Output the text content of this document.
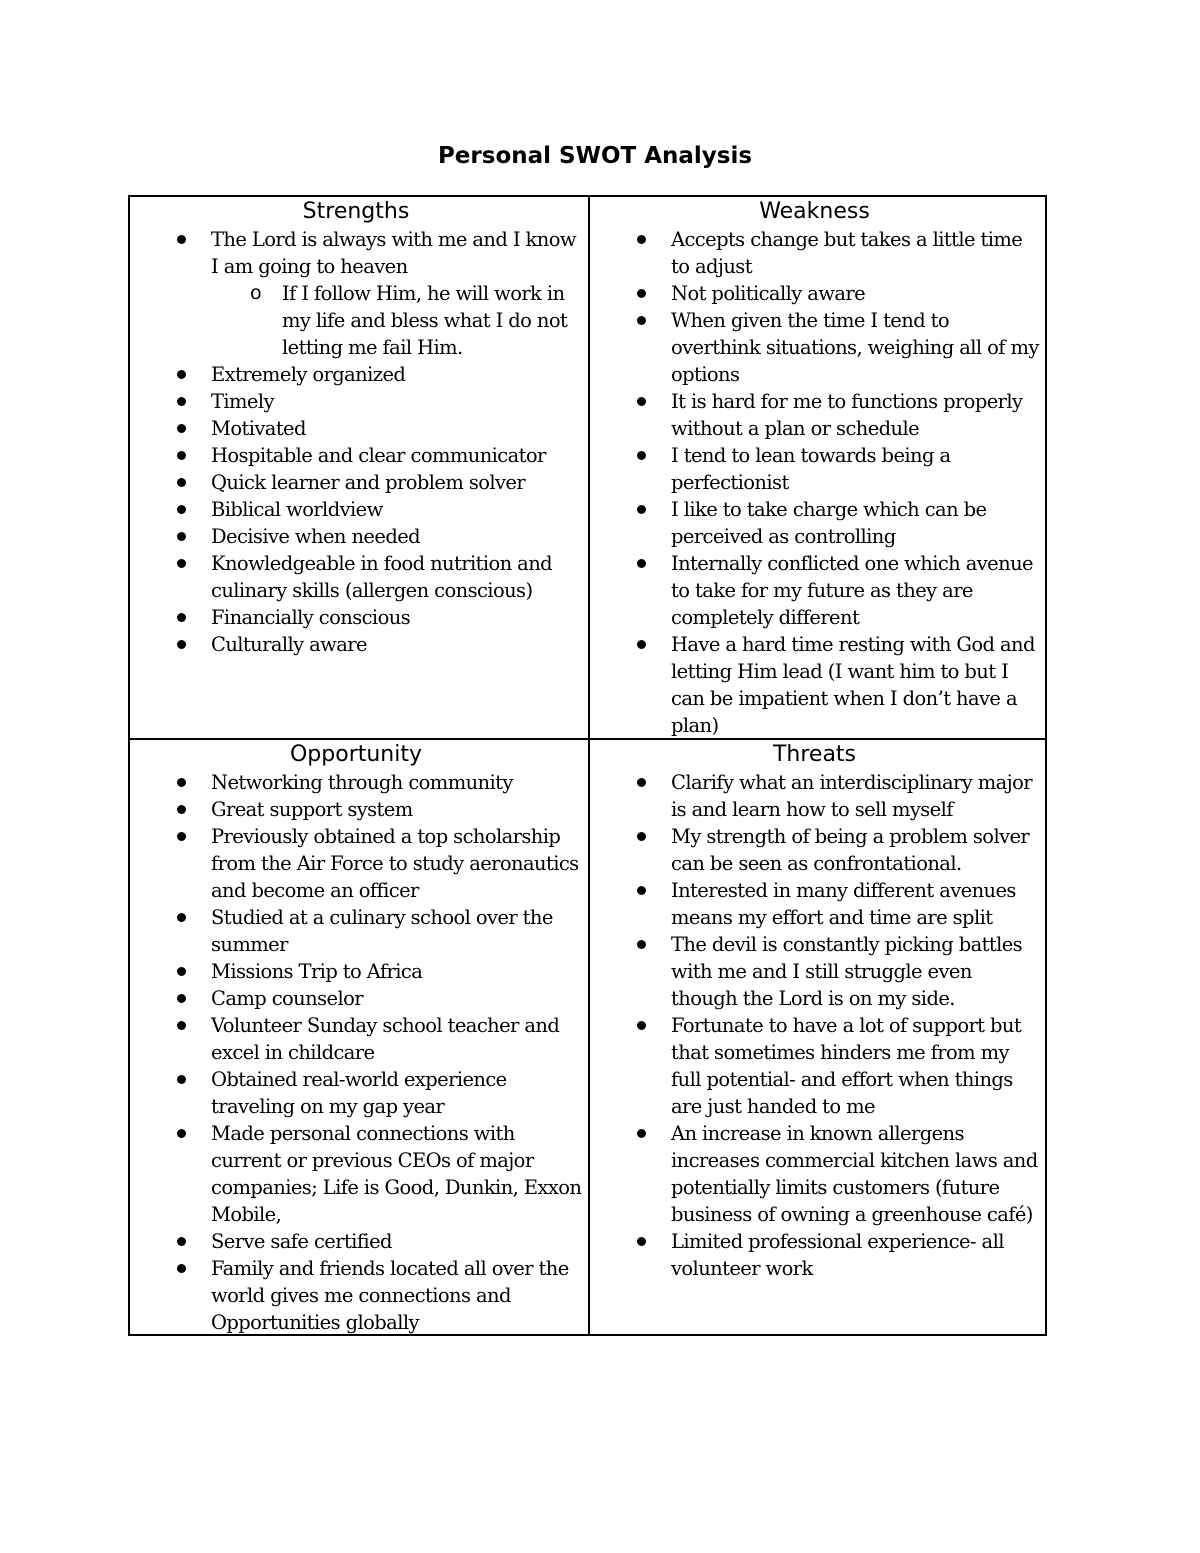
Personal SWOT Analysis
Strengths
The Lord is always with me and I know I am going to heaven
o If I follow Him, he will work in my life and bless what I do not letting me fail Him.
Extremely organized
Timely
Motivated
Hospitable and clear communicator
Quick learner and problem solver
Biblical worldview
Decisive when needed
Knowledgeable in food nutrition and culinary skills (allergen conscious)
Financially conscious
Culturally aware
Weakness
Accepts change but takes a little time to adjust
Not politically aware
When given the time I tend to overthink situations, weighing all of my options
It is hard for me to functions properly without a plan or schedule
I tend to lean towards being a perfectionist
I like to take charge which can be perceived as controlling
Internally conflicted one which avenue to take for my future as they are completely different
Have a hard time resting with God and letting Him lead (I want him to but I can be impatient when I don’t have a plan)
Opportunity
Networking through community
Great support system
Previously obtained a top scholarship from the Air Force to study aeronautics and become an officer
Studied at a culinary school over the summer
Missions Trip to Africa
Camp counselor
Volunteer Sunday school teacher and excel in childcare
Obtained real-world experience traveling on my gap year
Made personal connections with current or previous CEOs of major companies; Life is Good, Dunkin, Exxon Mobile,
Serve safe certified
Family and friends located all over the world gives me connections and Opportunities globally
Threats
Clarify what an interdisciplinary major is and learn how to sell myself
My strength of being a problem solver can be seen as confrontational.
Interested in many different avenues means my effort and time are split
The devil is constantly picking battles with me and I still struggle even though the Lord is on my side.
Fortunate to have a lot of support but that sometimes hinders me from my full potential- and effort when things are just handed to me
An increase in known allergens increases commercial kitchen laws and potentially limits customers (future business of owning a greenhouse café)
Limited professional experience- all volunteer work
